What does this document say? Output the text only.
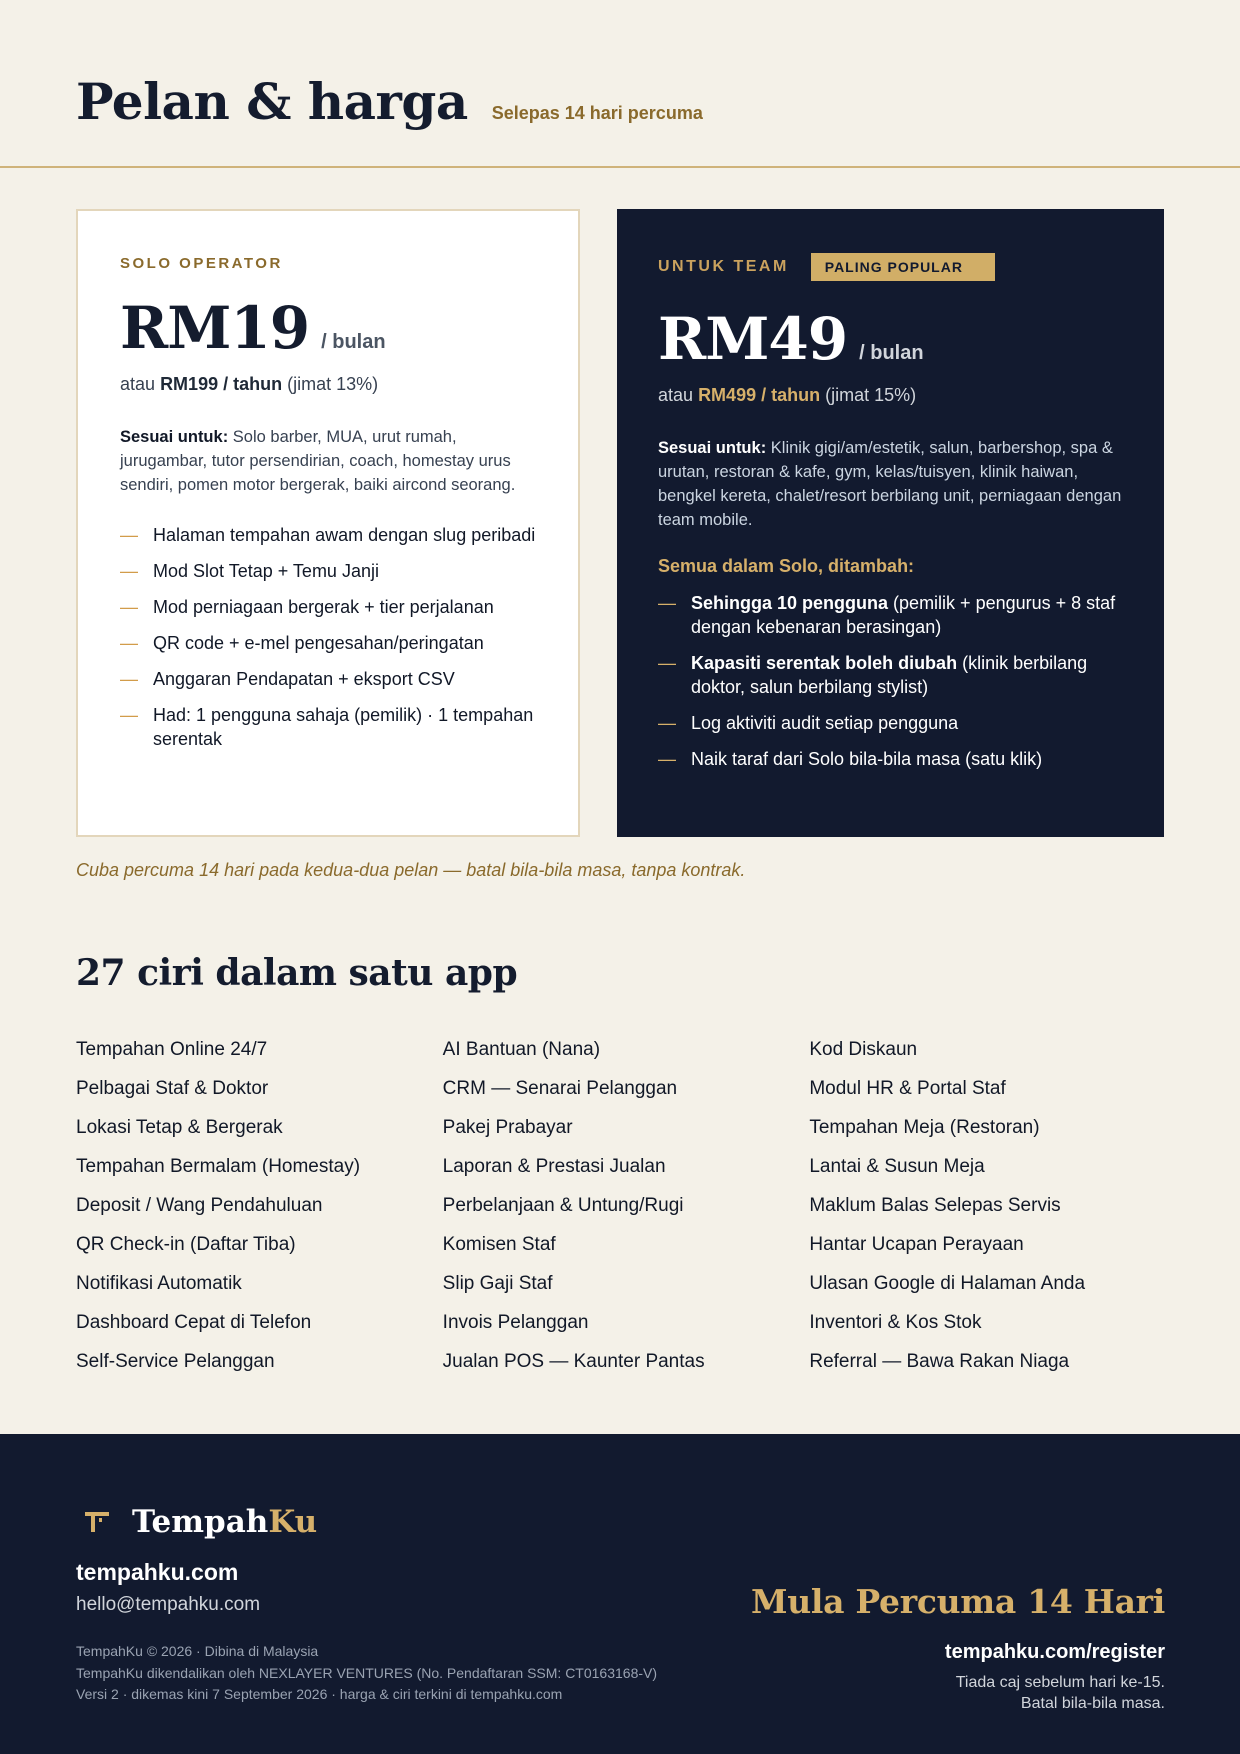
Pelan & harga Selepas 14 hari percuma
SOLO OPERATOR
RM19 / bulan
atau RM199 / tahun (jimat 13%)
Sesuai untuk: Solo barber, MUA, urut rumah, jurugambar, tutor persendirian, coach, homestay urus sendiri, pomen motor bergerak, baiki aircond seorang.
— Halaman tempahan awam dengan slug peribadi
— Mod Slot Tetap + Temu Janji
— Mod perniagaan bergerak + tier perjalanan
— QR code + e-mel pengesahan/peringatan
— Anggaran Pendapatan + eksport CSV
— Had: 1 pengguna sahaja (pemilik) · 1 tempahan serentak
UNTUK TEAM	PALING POPULAR
RM49 / bulan
atau RM499 / tahun (jimat 15%)
Sesuai untuk: Klinik gigi/am/estetik, salun, barbershop, spa & urutan, restoran & kafe, gym, kelas/tuisyen, klinik haiwan, bengkel kereta, chalet/resort berbilang unit, perniagaan dengan team mobile.
Semua dalam Solo, ditambah:
— Sehingga 10 pengguna (pemilik + pengurus + 8 staf dengan kebenaran berasingan)
— Kapasiti serentak boleh diubah (klinik berbilang doktor, salun berbilang stylist)
— Log aktiviti audit setiap pengguna
— Naik taraf dari Solo bila-bila masa (satu klik)
Cuba percuma 14 hari pada kedua-dua pelan — batal bila-bila masa, tanpa kontrak.
27 ciri dalam satu app
Tempahan Online 24/7
Pelbagai Staf & Doktor
Lokasi Tetap & Bergerak
Tempahan Bermalam (Homestay)
Deposit / Wang Pendahuluan
QR Check-in (Daftar Tiba)
Notifikasi Automatik
Dashboard Cepat di Telefon
Self-Service Pelanggan
AI Bantuan (Nana)
CRM — Senarai Pelanggan
Pakej Prabayar
Laporan & Prestasi Jualan
Perbelanjaan & Untung/Rugi
Komisen Staf
Slip Gaji Staf
Invois Pelanggan
Jualan POS — Kaunter Pantas
Kod Diskaun
Modul HR & Portal Staf
Tempahan Meja (Restoran)
Lantai & Susun Meja
Maklum Balas Selepas Servis
Hantar Ucapan Perayaan
Ulasan Google di Halaman Anda
Inventori & Kos Stok
Referral — Bawa Rakan Niaga
TempahKu
tempahku.com
hello@tempahku.com
TempahKu © 2026 · Dibina di Malaysia
TempahKu dikendalikan oleh NEXLAYER VENTURES (No. Pendaftaran SSM: CT0163168-V)
Versi 2 · dikemas kini 7 September 2026 · harga & ciri terkini di tempahku.com
Mula Percuma 14 Hari
tempahku.com/register
Tiada caj sebelum hari ke-15.
Batal bila-bila masa.
